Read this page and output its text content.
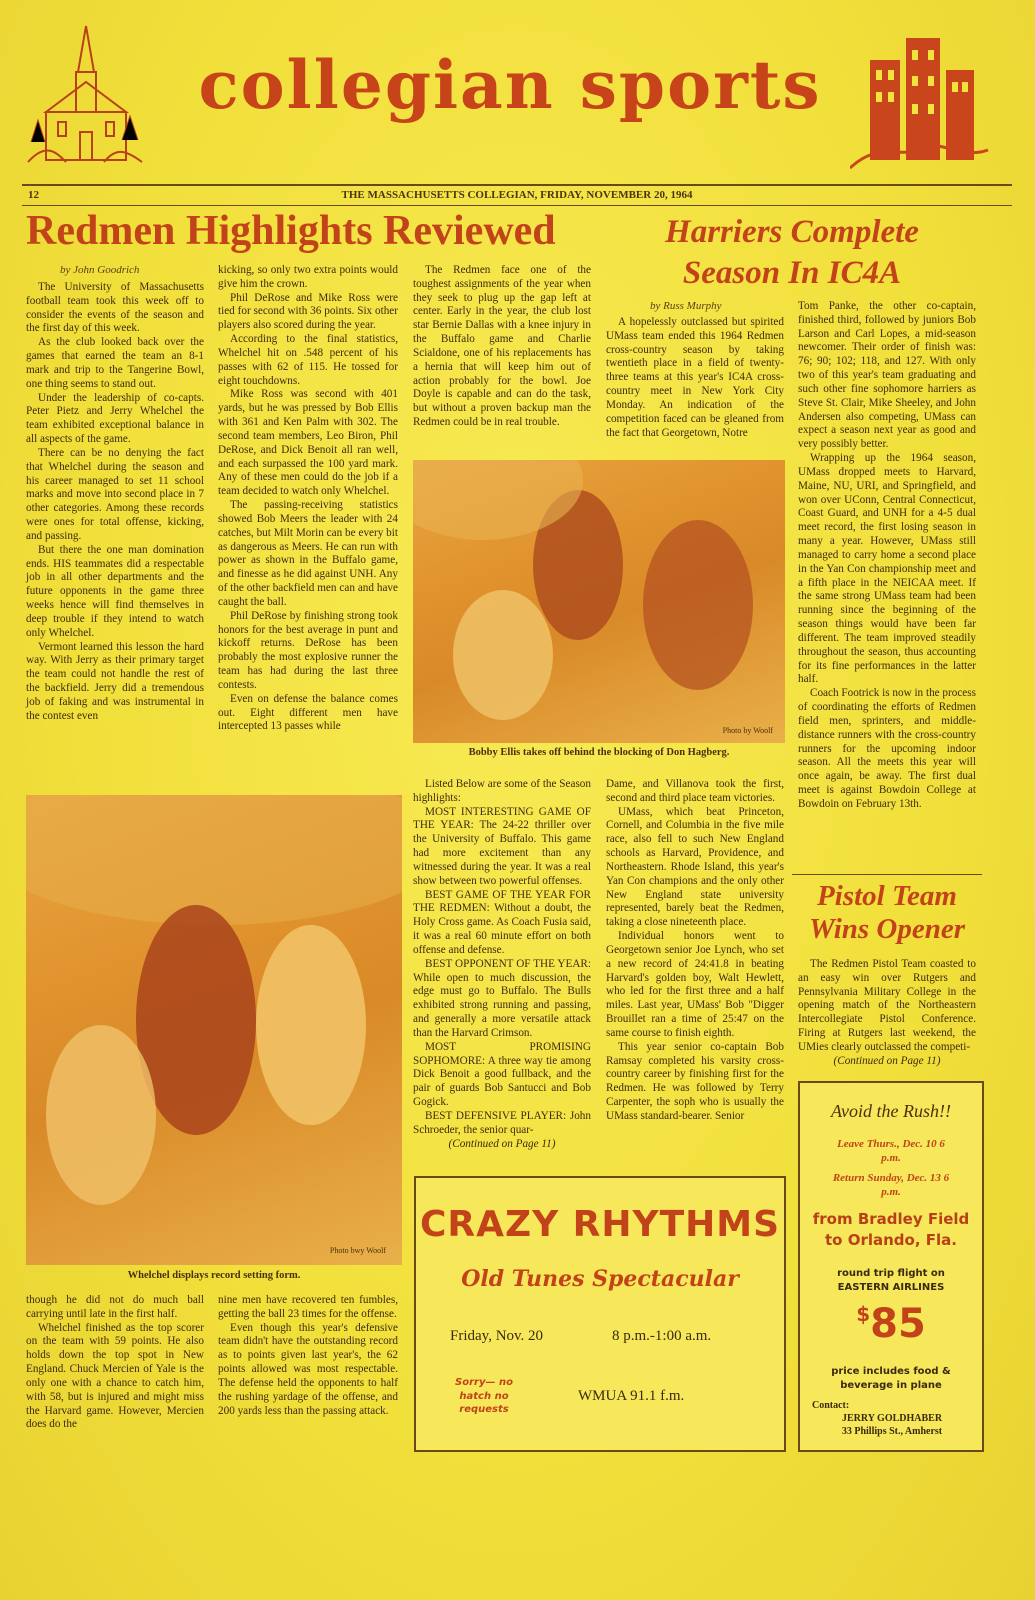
collegian sports
12	THE MASSACHUSETTS COLLEGIAN, FRIDAY, NOVEMBER 20, 1964
Redmen Highlights Reviewed	Harriers Complete
Season In IC4A
by John Goodrich

The University of Massachusetts football team took this week off to consider the events of the season and the first day of this week.

As the club looked back over the games that earned the team an 8-1 mark and trip to the Tangerine Bowl, one thing seems to stand out.

Under the leadership of co-capts. Peter Pietz and Jerry Whelchel the team exhibited exceptional balance in all aspects of the game.

There can be no denying the fact that Whelchel during the season and his career managed to set 11 school marks and move into second place in 7 other categories. Among these records were ones for total offense, kicking, and passing.

But there the one man domination ends. HIS teammates did a respectable job in all other departments and the future opponents in the game three weeks hence will find themselves in deep trouble if they intend to watch only Whelchel.

Vermont learned this lesson the hard way. With Jerry as their primary target the team could not handle the rest of the backfield. Jerry did a tremendous job of faking and was instrumental in the contest even

kicking, so only two extra points would give him the crown.

Phil DeRose and Mike Ross were tied for second with 36 points. Six other players also scored during the year.

According to the final statistics, Whelchel hit on .548 percent of his passes with 62 of 115. He tossed for eight touchdowns.

Mike Ross was second with 401 yards, but he was pressed by Bob Ellis with 361 and Ken Palm with 302. The second team members, Leo Biron, Phil DeRose, and Dick Benoit all ran well, and each surpassed the 100 yard mark. Any of these men could do the job if a team decided to watch only Whelchel.

The passing-receiving statistics showed Bob Meers the leader with 24 catches, but Milt Morin can be every bit as dangerous as Meers. He can run with power as shown in the Buffalo game, and finesse as he did against UNH. Any of the other backfield men can and have caught the ball.

Phil DeRose by finishing strong took honors for the best average in punt and kickoff returns. DeRose has been probably the most explosive runner the team has had during the last three contests.

Even on defense the balance comes out. Eight different men have intercepted 13 passes while

The Redmen face one of the toughest assignments of the year when they seek to plug up the gap left at center. Early in the year, the club lost star Bernie Dallas with a knee injury in the Buffalo game and Charlie Scialdone, one of his replacements has a hernia that will keep him out of action probably for the bowl. Joe Doyle is capable and can do the task, but without a proven backup man the Redmen could be in real trouble.

by Russ Murphy

A hopelessly outclassed but spirited UMass team ended this 1964 Redmen cross-country season by taking twentieth place in a field of twenty-three teams at this year's IC4A cross-country meet in New York City Monday. An indication of the competition faced can be gleaned from the fact that Georgetown, Notre

Tom Panke, the other co-captain, finished third, followed by juniors Bob Larson and Carl Lopes, a mid-season newcomer. Their order of finish was: 76; 90; 102; 118, and 127. With only two of this year's team graduating and such other fine sophomore harriers as Steve St. Clair, Mike Sheeley, and John Andersen also competing, UMass can expect a season next year as good and very possibly better.

Wrapping up the 1964 season, UMass dropped meets to Harvard, Maine, NU, URI, and Springfield, and won over UConn, Central Connecticut, Coast Guard, and UNH for a 4-5 dual meet record, the first losing season in many a year. However, UMass still managed to carry home a second place in the Yan Con championship meet and a fifth place in the NEICAA meet. If the same strong UMass team had been running since the beginning of the season things would have been far different. The team improved steadily throughout the season, thus accounting for its fine performances in the latter half.

Coach Footrick is now in the process of coordinating the efforts of Redmen field men, sprinters, and middle-distance runners with the cross-country runners for the upcoming indoor season. All the meets this year will once again, be away. The first dual meet is against Bowdoin College at Bowdoin on February 13th.

Photo by Woolf
Bobby Ellis takes off behind the blocking of Don Hagberg.
Photo bwy Woolf
Whelchel displays record setting form.

though he did not do much ball carrying until late in the first half.

Whelchel finished as the top scorer on the team with 59 points. He also holds down the top spot in New England. Chuck Mercien of Yale is the only one with a chance to catch him, with 58, but is injured and might miss the Harvard game. However, Mercien does do the

nine men have recovered ten fumbles, getting the ball 23 times for the offense.

Even though this year's defensive team didn't have the outstanding record as to points given last year's, the 62 points allowed was most respectable. The defense held the opponents to half the rushing yardage of the offense, and 200 yards less than the passing attack.

Listed Below are some of the Season highlights:

MOST INTERESTING GAME OF THE YEAR: The 24-22 thriller over the University of Buffalo. This game had more excitement than any witnessed during the year. It was a real show between two powerful offenses.

BEST GAME OF THE YEAR FOR THE REDMEN: Without a doubt, the Holy Cross game. As Coach Fusia said, it was a real 60 minute effort on both offense and defense.

BEST OPPONENT OF THE YEAR: While open to much discussion, the edge must go to Buffalo. The Bulls exhibited strong running and passing, and generally a more versatile attack than the Harvard Crimson.

MOST PROMISING SOPHOMORE: A three way tie among Dick Benoit a good fullback, and the pair of guards Bob Santucci and Bob Gogick.

BEST DEFENSIVE PLAYER: John Schroeder, the senior quar-

(Continued on Page 11)

Dame, and Villanova took the first, second and third place team victories.

UMass, which beat Princeton, Cornell, and Columbia in the five mile race, also fell to such New England schools as Harvard, Providence, and Northeastern. Rhode Island, this year's Yan Con champions and the only other New England state university represented, barely beat the Redmen, taking a close nineteenth place.

Individual honors went to Georgetown senior Joe Lynch, who set a new record of 24:41.8 in beating Harvard's golden boy, Walt Hewlett, who led for the first three and a half miles. Last year, UMass' Bob "Digger Brouillet ran a time of 25:47 on the same course to finish eighth.

This year senior co-captain Bob Ramsay completed his varsity cross-country career by finishing first for the Redmen. He was followed by Terry Carpenter, the soph who is usually the UMass standard-bearer. Senior

Pistol Team
Wins Opener

The Redmen Pistol Team coasted to an easy win over Rutgers and Pennsylvania Military College in the opening match of the Northeastern Intercollegiate Pistol Conference. Firing at Rutgers last weekend, the UMies clearly outclassed the competi-

(Continued on Page 11)

CRAZY RHYTHMS
Old Tunes Spectacular
Friday, Nov. 20	8 p.m.-1:00 a.m.
Sorry— no hatch no requests
WMUA 91.1 f.m.
Avoid the Rush!!
Leave Thurs., Dec. 10 6 p.m.
Return Sunday, Dec. 13 6 p.m.
from Bradley Field to Orlando, Fla.
round trip flight on EASTERN AIRLINES
$85
price includes food & beverage in plane
Contact:
JERRY GOLDHABER
33 Phillips St., Amherst
